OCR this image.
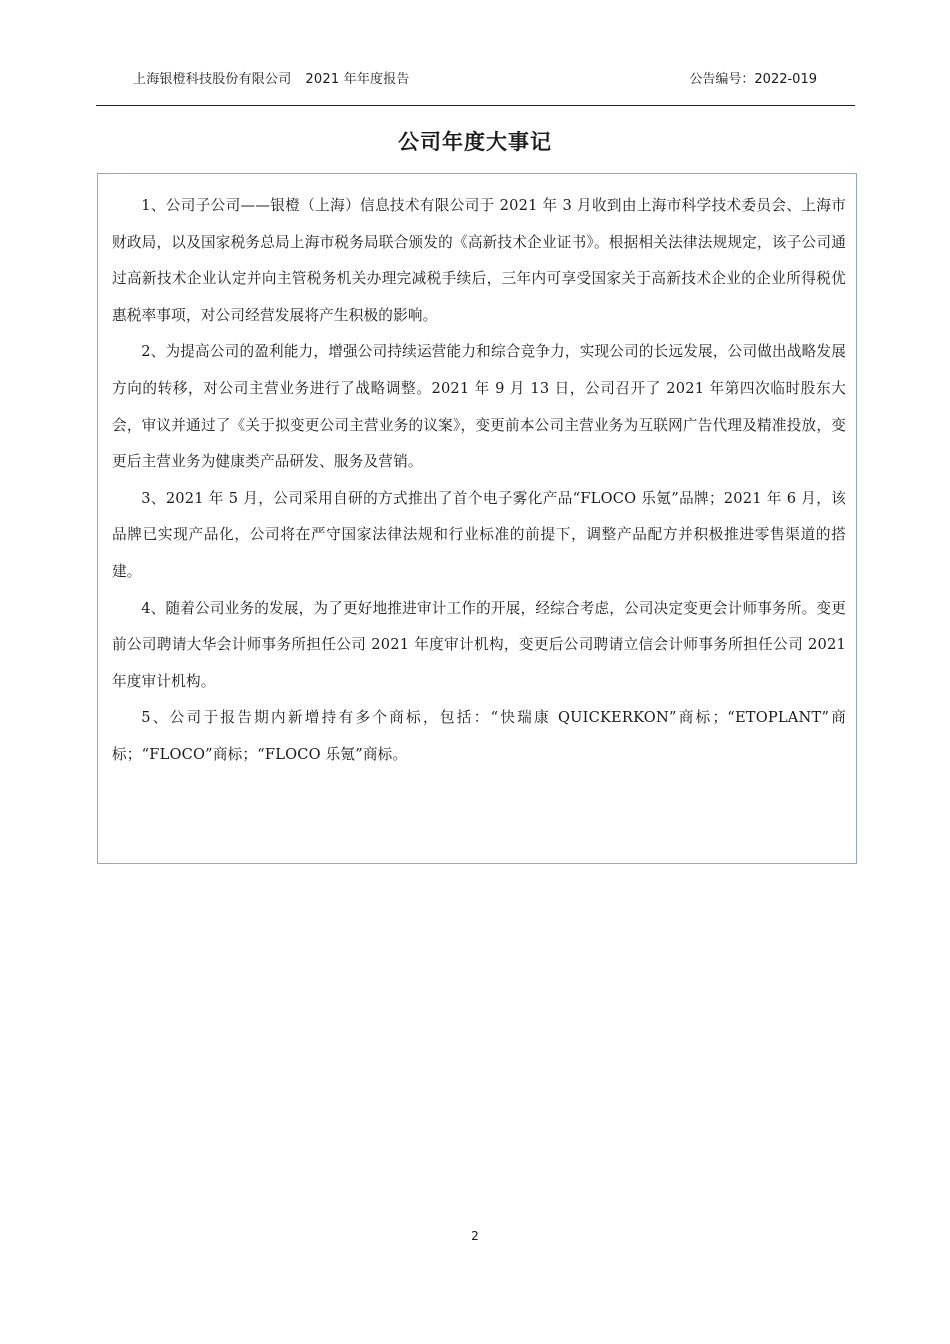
上海银橙科技股份有限公司 2021 年年度报告	公告编号：2022-019
公司年度大事记

1、公司子公司——银橙（上海）信息技术有限公司于 2021 年 3 月收到由上海市科学技术委员会、上海市财政局，以及国家税务总局上海市税务局联合颁发的《高新技术企业证书》。根据相关法律法规规定，该子公司通过高新技术企业认定并向主管税务机关办理完减税手续后，三年内可享受国家关于高新技术企业的企业所得税优惠税率事项，对公司经营发展将产生积极的影响。

2、为提高公司的盈利能力，增强公司持续运营能力和综合竞争力，实现公司的长远发展，公司做出战略发展方向的转移，对公司主营业务进行了战略调整。2021 年 9 月 13 日，公司召开了 2021 年第四次临时股东大会，审议并通过了《关于拟变更公司主营业务的议案》，变更前本公司主营业务为互联网广告代理及精准投放，变更后主营业务为健康类产品研发、服务及营销。

3、2021 年 5 月，公司采用自研的方式推出了首个电子雾化产品“FLOCO 乐氪”品牌；2021 年 6 月，该品牌已实现产品化，公司将在严守国家法律法规和行业标准的前提下，调整产品配方并积极推进零售渠道的搭建。

4、随着公司业务的发展，为了更好地推进审计工作的开展，经综合考虑，公司决定变更会计师事务所。变更前公司聘请大华会计师事务所担任公司 2021 年度审计机构，变更后公司聘请立信会计师事务所担任公司 2021 年度审计机构。

5、公司于报告期内新增持有多个商标，包括：“快瑞康 QUICKERKON”商标；“ETOPLANT”商标；“FLOCO”商标；“FLOCO 乐氪”商标。

2
